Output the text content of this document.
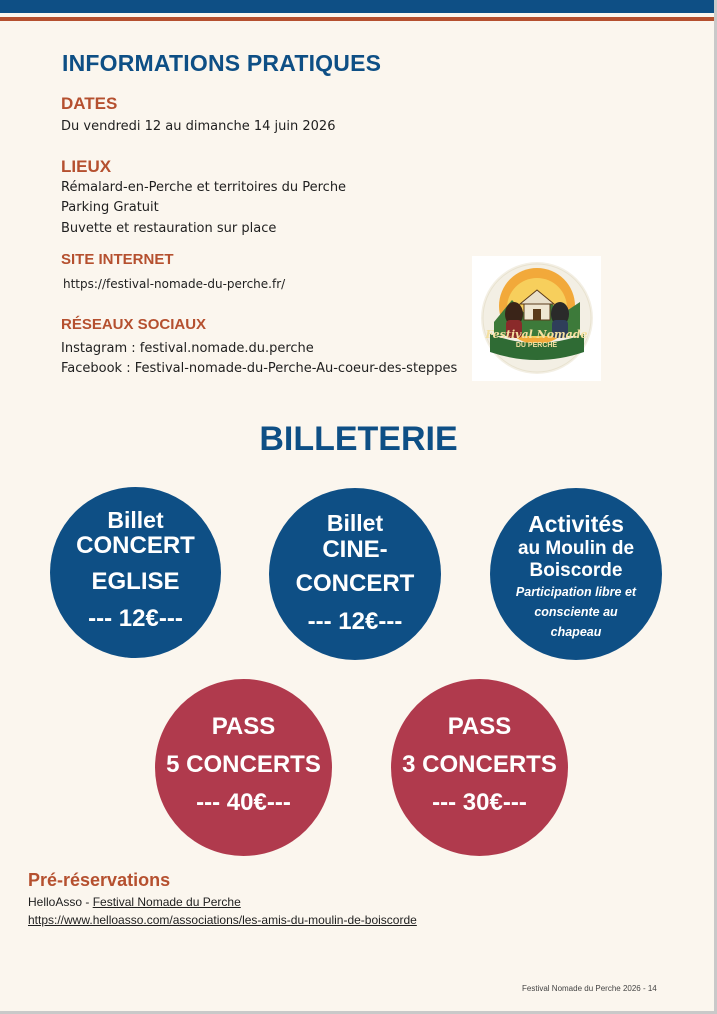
INFORMATIONS PRATIQUES
DATES
Du vendredi 12 au dimanche 14 juin 2026
LIEUX
Rémalard-en-Perche et territoires du Perche
Parking Gratuit
Buvette et restauration sur place
SITE INTERNET
https://festival-nomade-du-perche.fr/
RÉSEAUX SOCIAUX
Instagram : festival.nomade.du.perche
Facebook : Festival-nomade-du-Perche-Au-coeur-des-steppes
Festival Nomade
DU PERCHE
BILLETERIE
Billet
CONCERT
EGLISE
--- 12€---
Billet
CINE-
CONCERT
--- 12€---
Activités
au Moulin de
Boiscorde
Participation libre et
consciente au
chapeau
PASS
5 CONCERTS
--- 40€---
PASS
3 CONCERTS
--- 30€---
Pré-réservations
HelloAsso - Festival Nomade du Perche
https://www.helloasso.com/associations/les-amis-du-moulin-de-boiscorde
Festival Nomade du Perche 2026 - 14
